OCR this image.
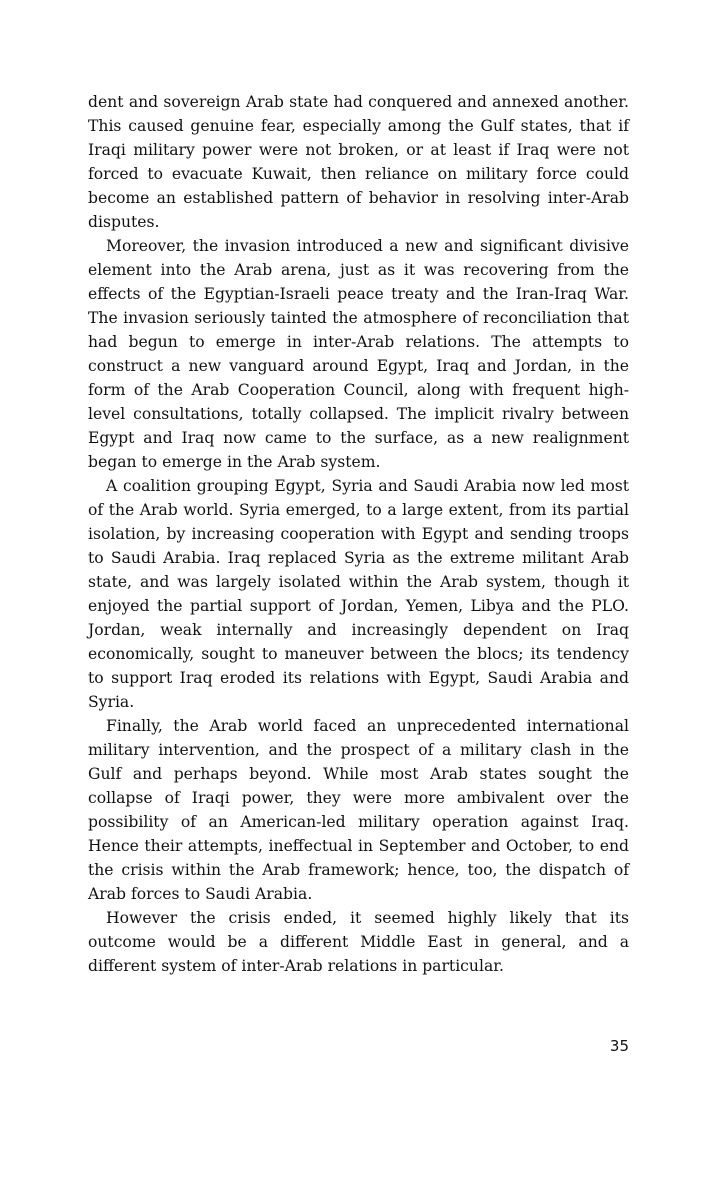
dent and sovereign Arab state had conquered and annexed another. This caused genuine fear, especially among the Gulf states, that if Iraqi military power were not broken, or at least if Iraq were not forced to evacuate Kuwait, then reliance on military force could become an established pattern of behavior in resolving inter-Arab disputes.

Moreover, the invasion introduced a new and significant divisive element into the Arab arena, just as it was recovering from the effects of the Egyptian-Israeli peace treaty and the Iran-Iraq War. The invasion seriously tainted the atmosphere of reconciliation that had begun to emerge in inter-Arab relations. The attempts to construct a new vanguard around Egypt, Iraq and Jordan, in the form of the Arab Cooperation Council, along with frequent high-level consultations, totally collapsed. The implicit rivalry between Egypt and Iraq now came to the surface, as a new realignment began to emerge in the Arab system.

A coalition grouping Egypt, Syria and Saudi Arabia now led most of the Arab world. Syria emerged, to a large extent, from its partial isolation, by increasing cooperation with Egypt and sending troops to Saudi Arabia. Iraq replaced Syria as the extreme militant Arab state, and was largely isolated within the Arab system, though it enjoyed the partial support of Jordan, Yemen, Libya and the PLO. Jordan, weak internally and increasingly dependent on Iraq economically, sought to maneuver between the blocs; its tendency to support Iraq eroded its relations with Egypt, Saudi Arabia and Syria.

Finally, the Arab world faced an unprecedented international military intervention, and the prospect of a military clash in the Gulf and perhaps beyond. While most Arab states sought the collapse of Iraqi power, they were more ambivalent over the possibility of an American-led military operation against Iraq. Hence their attempts, ineffectual in September and October, to end the crisis within the Arab framework; hence, too, the dispatch of Arab forces to Saudi Arabia.

However the crisis ended, it seemed highly likely that its outcome would be a different Middle East in general, and a different system of inter-Arab relations in particular.

35
